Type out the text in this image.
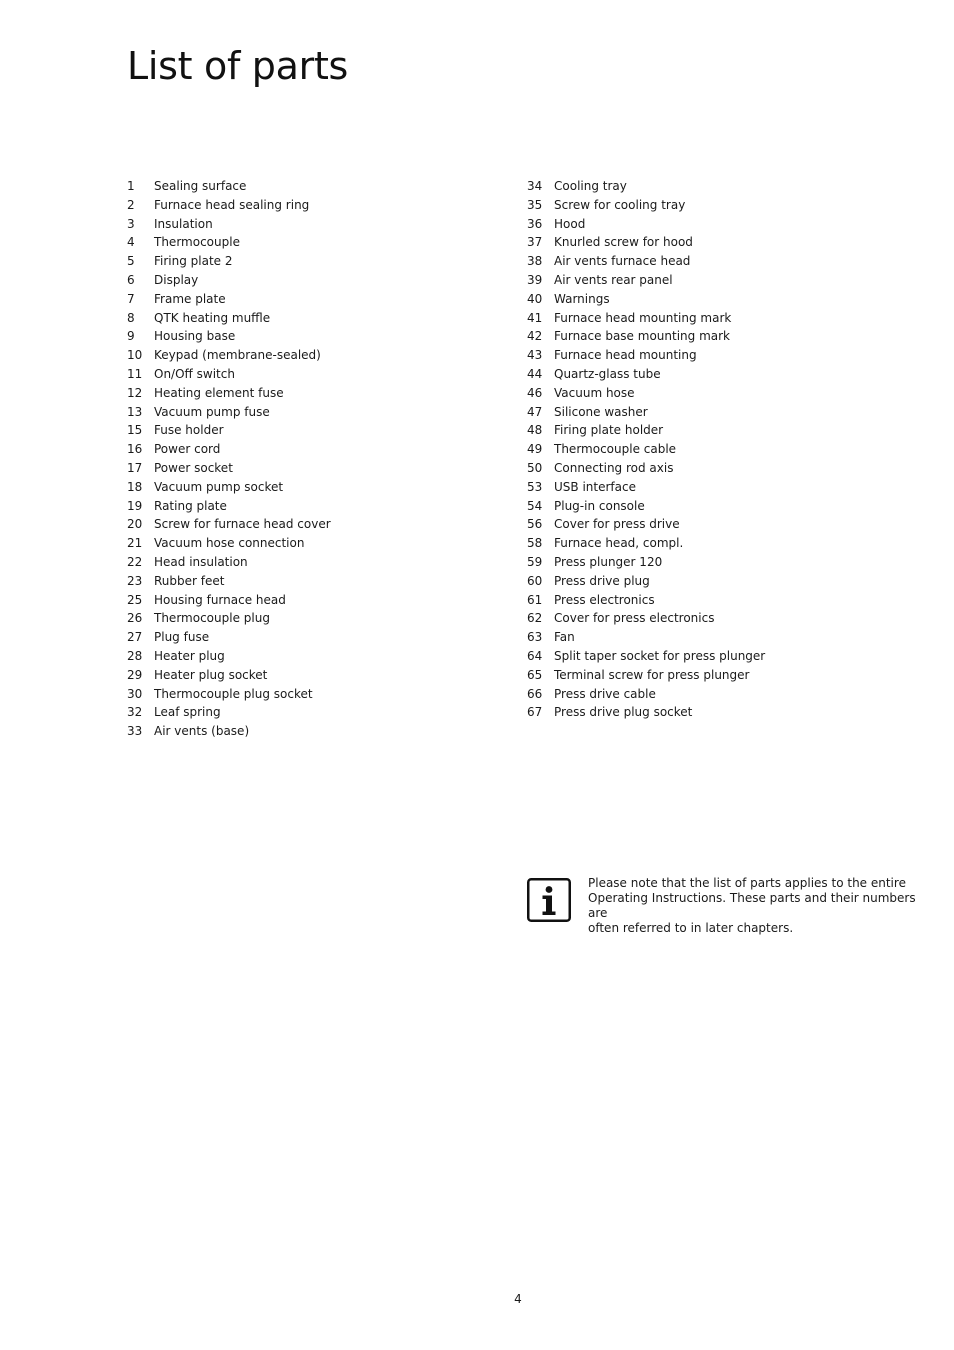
List of parts
1	Sealing surface
2	Furnace head sealing ring
3	Insulation
4	Thermocouple
5	Firing plate 2
6	Display
7	Frame plate
8	QTK heating muffle
9	Housing base
10 Keypad (membrane-sealed)
11 On/Off switch
12 Heating element fuse
13 Vacuum pump fuse
15 Fuse holder
16 Power cord
17 Power socket
18 Vacuum pump socket
19 Rating plate
20 Screw for furnace head cover
21 Vacuum hose connection
22 Head insulation
23 Rubber feet
25 Housing furnace head
26 Thermocouple plug
27 Plug fuse
28 Heater plug
29 Heater plug socket
30 Thermocouple plug socket
32 Leaf spring
33 Air vents (base)
34 Cooling tray
35 Screw for cooling tray
36 Hood
37 Knurled screw for hood
38 Air vents furnace head
39 Air vents rear panel
40 Warnings
41 Furnace head mounting mark
42 Furnace base mounting mark
43 Furnace head mounting
44 Quartz-glass tube
46 Vacuum hose
47 Silicone washer
48 Firing plate holder
49 Thermocouple cable
50 Connecting rod axis
53 USB interface
54 Plug-in console
56 Cover for press drive
58 Furnace head, compl.
59 Press plunger 120
60 Press drive plug
61 Press electronics
62 Cover for press electronics
63 Fan
64 Split taper socket for press plunger
65 Terminal screw for press plunger
66 Press drive cable
67 Press drive plug socket

Please note that the list of parts applies to the entire
Operating Instructions. These parts and their numbers are
often referred to in later chapters.

4
